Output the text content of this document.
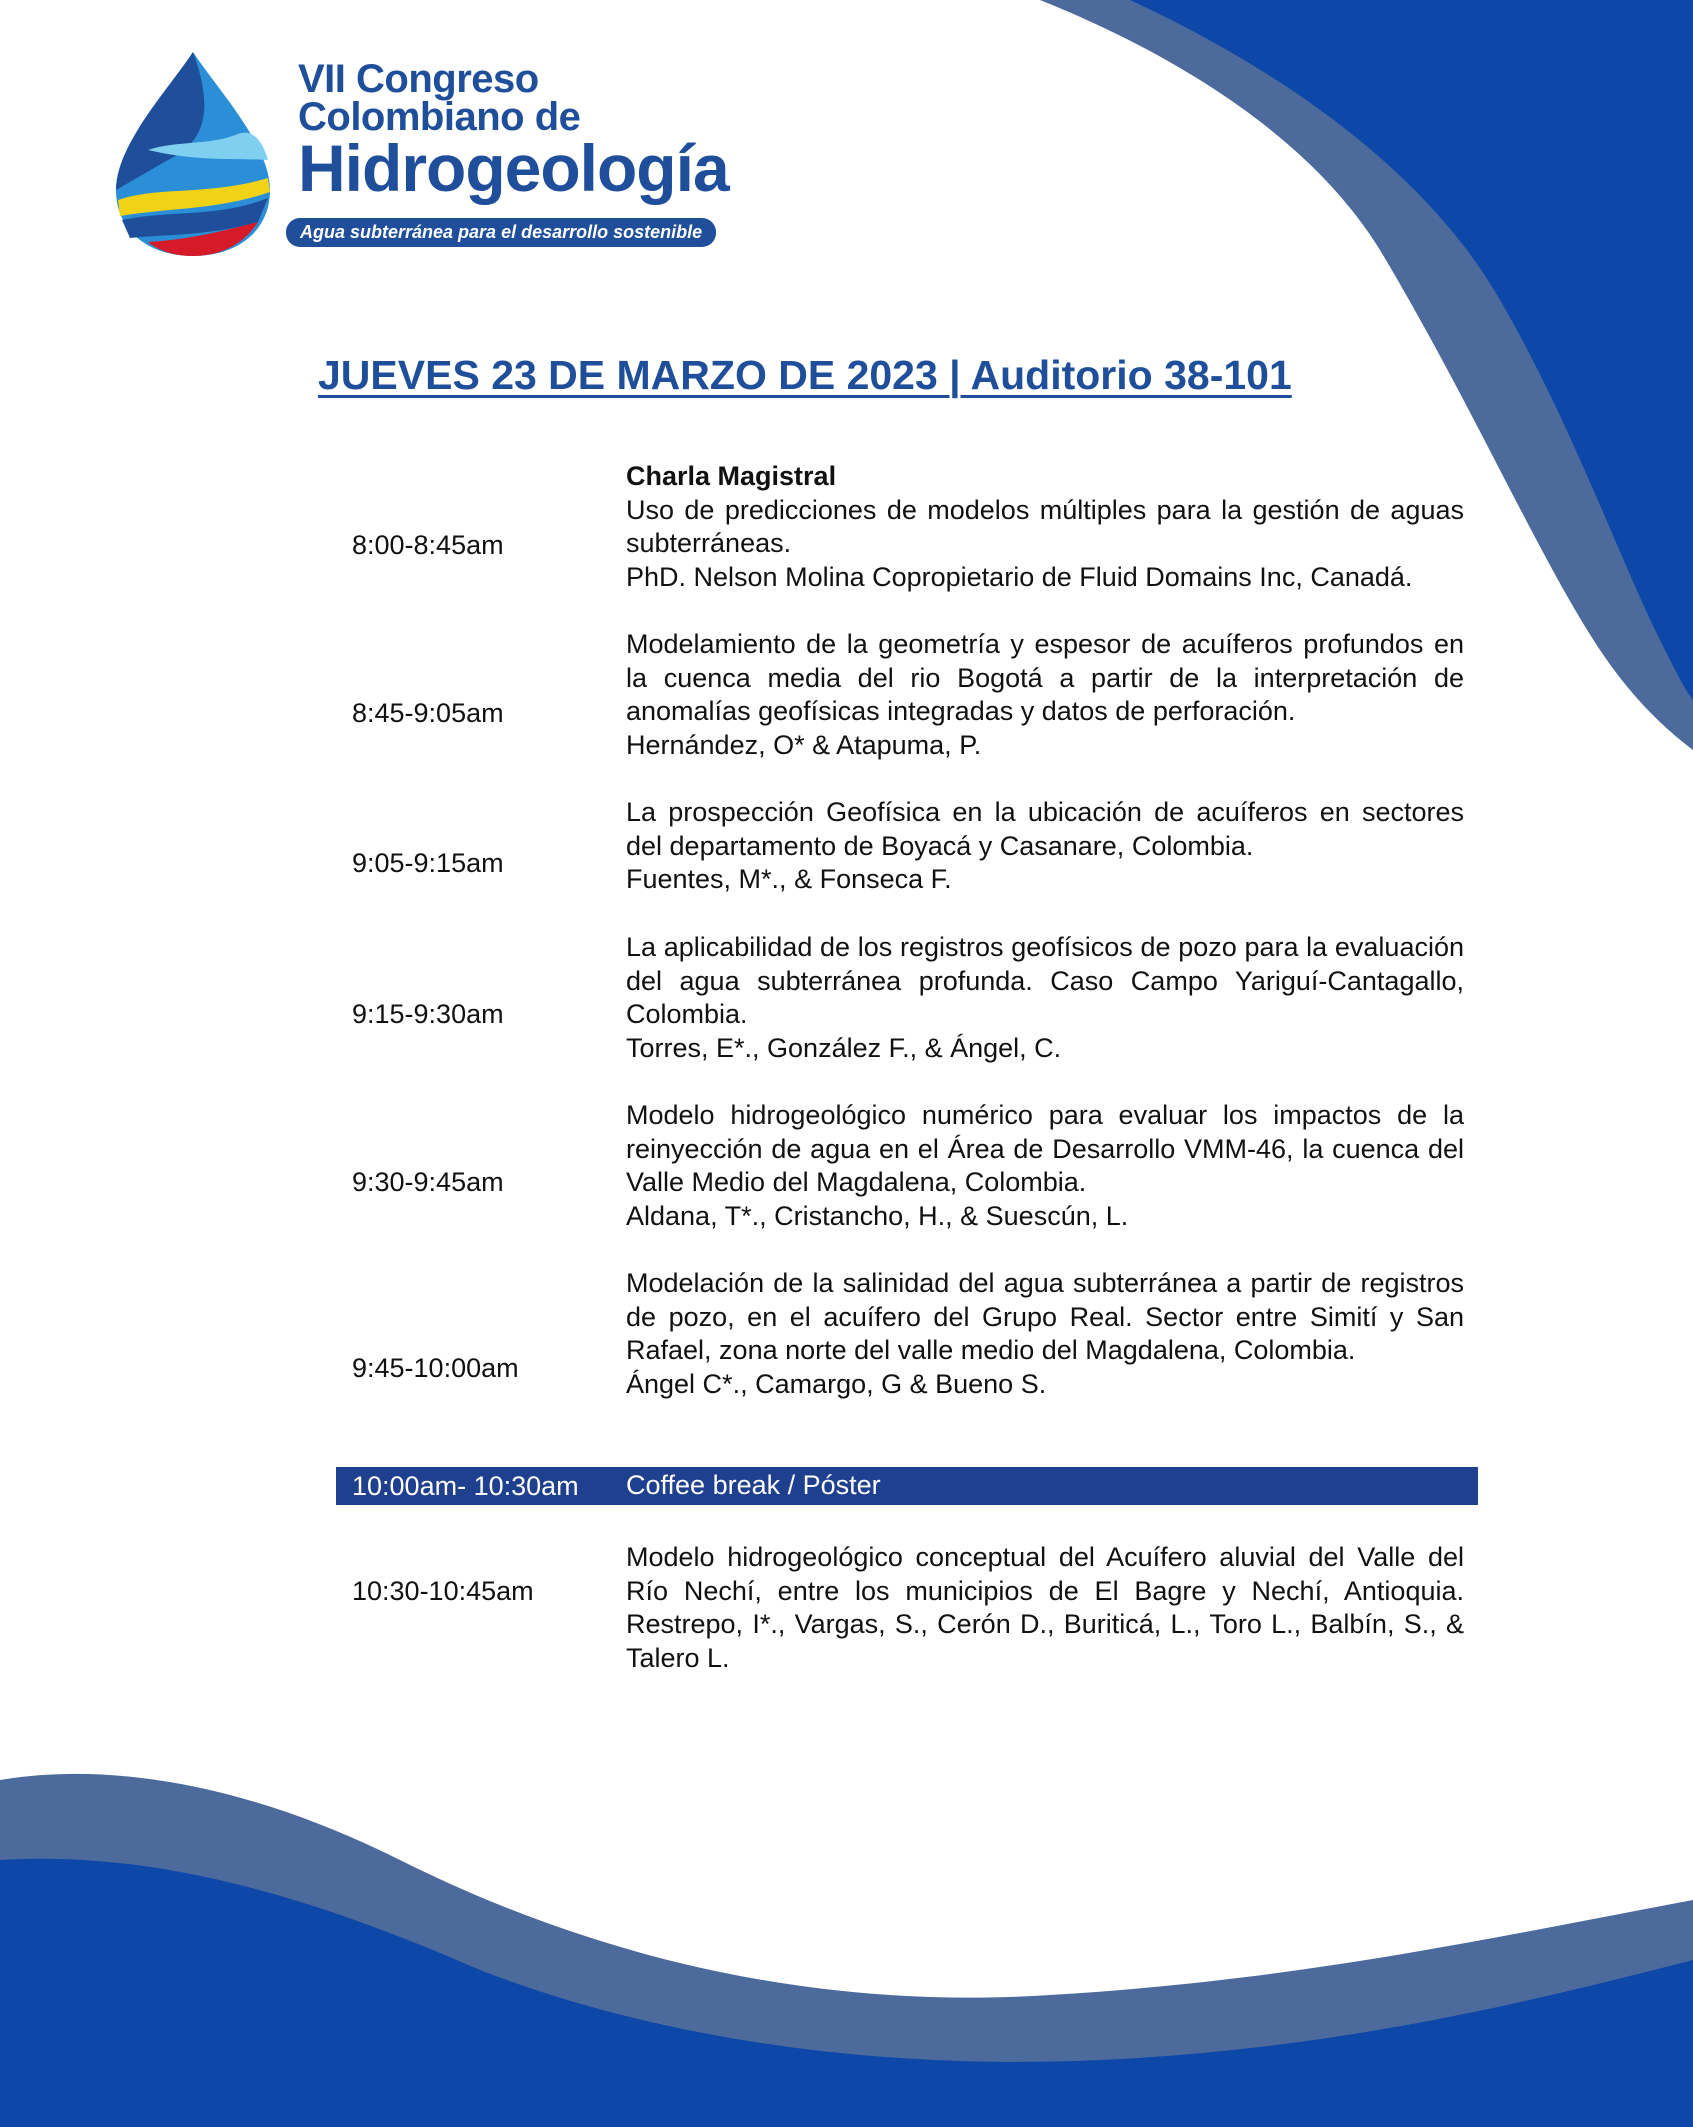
VII Congreso
Colombiano de
Hidrogeología
Agua subterránea para el desarrollo sostenible
JUEVES 23 DE MARZO DE 2023 | Auditorio 38-101
8:00-8:45am
Charla Magistral
Uso de predicciones de modelos múltiples para la gestión de aguas subterráneas.
PhD. Nelson Molina Copropietario de Fluid Domains Inc, Canadá.
8:45-9:05am
Modelamiento de la geometría y espesor de acuíferos profundos en la cuenca media del rio Bogotá a partir de la interpretación de anomalías geofísicas integradas y datos de perforación.
Hernández, O* & Atapuma, P.
9:05-9:15am
La prospección Geofísica en la ubicación de acuíferos en sectores del departamento de Boyacá y Casanare, Colombia.
Fuentes, M*., & Fonseca F.
9:15-9:30am
La aplicabilidad de los registros geofísicos de pozo para la evaluación del agua subterránea profunda. Caso Campo Yariguí-Cantagallo, Colombia.
Torres, E*., González F., & Ángel, C.
9:30-9:45am
Modelo hidrogeológico numérico para evaluar los impactos de la reinyección de agua en el Área de Desarrollo VMM-46, la cuenca del Valle Medio del Magdalena, Colombia.
Aldana, T*., Cristancho, H., & Suescún, L.
9:45-10:00am
Modelación de la salinidad del agua subterránea a partir de registros de pozo, en el acuífero del Grupo Real. Sector entre Simití y San Rafael, zona norte del valle medio del Magdalena, Colombia.
Ángel C*., Camargo, G & Bueno S.
10:00am- 10:30am Coffee break / Póster
10:30-10:45am
Modelo hidrogeológico conceptual del Acuífero aluvial del Valle del Río Nechí, entre los municipios de El Bagre y Nechí, Antioquia. Restrepo, I*., Vargas, S., Cerón D., Buriticá, L., Toro L., Balbín, S., & Talero L.
